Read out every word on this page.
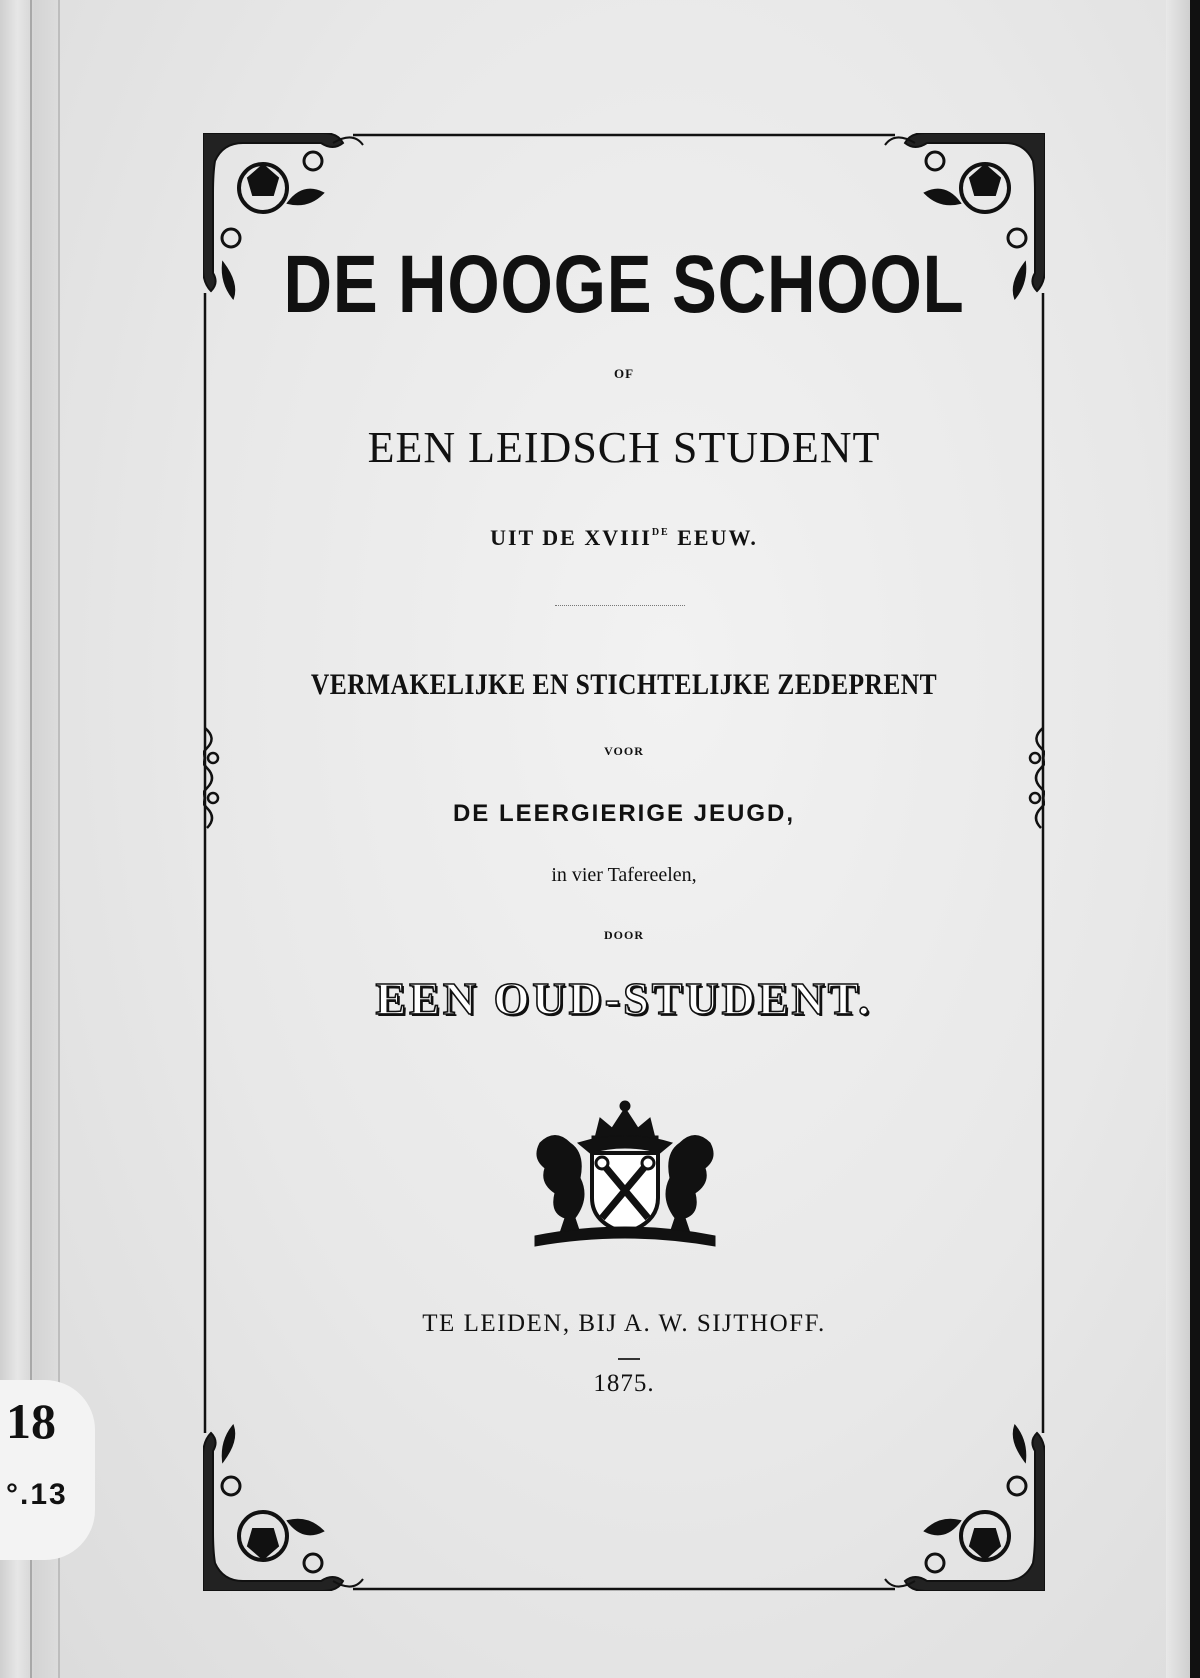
DE HOOGE SCHOOL
OF
EEN LEIDSCH STUDENT
UIT DE XVIIIDE EEUW.
VERMAKELIJKE EN STICHTELIJKE ZEDEPRENT
VOOR
DE LEERGIERIGE JEUGD,
in vier Tafereelen,
DOOR
EEN OUD-STUDENT.
TE LEIDEN, BIJ A. W. SIJTHOFF.
1875.
18
°.13
